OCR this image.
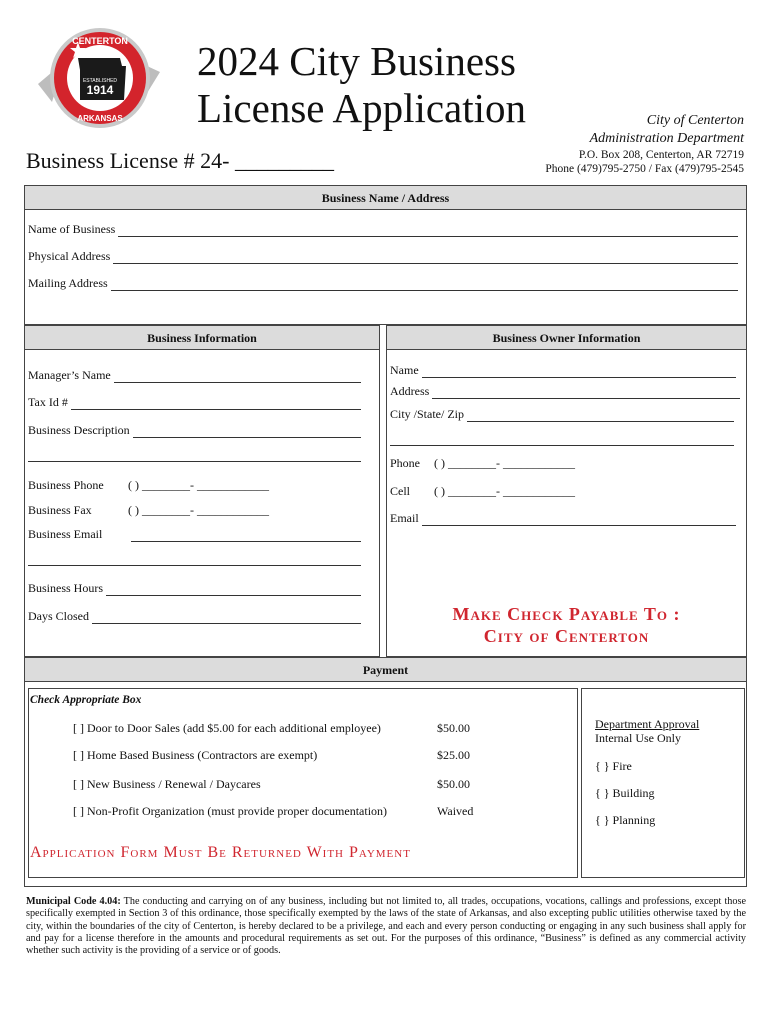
ESTABLISHED
1914
CENTERTON
ARKANSAS
2024 City Business
License Application	City of Centerton
Administration Department
P.O. Box 208, Centerton, AR 72719
Phone (479)795-2750 / Fax (479)795-2545
Business License # 24- _________
Business Name / Address
Name of Business
Physical Address
Mailing Address
Business Information
Manager’s Name
Tax Id #
Business Description
Business Phone	( ) ________- ____________
Business Fax	( ) ________- ____________
Business Email
Business Hours
Days Closed
Business Owner Information
Name
Address
City /State/ Zip
Phone	( ) ________- ____________
Cell	( ) ________- ____________
Email
Make Check Payable To :
City of Centerton
Payment
Check Appropriate Box
[ ] Door to Door Sales (add $5.00 for each additional employee)	$50.00
[ ] Home Based Business (Contractors are exempt)	$25.00
[ ] New Business / Renewal / Daycares	$50.00
[ ] Non-Profit Organization (must provide proper documentation)	Waived
Department Approval
Internal Use Only
{ } Fire
{ } Building
{ } Planning
Application Form Must Be Returned With Payment
Municipal Code 4.04: The conducting and carrying on of any business, including but not limited to, all trades, occupations, vocations, callings and professions, except those specifically exempted in Section 3 of this ordinance, those specifically exempted by the laws of the state of Arkansas, and also excepting public utilities otherwise taxed by the city, within the boundaries of the city of Centerton, is hereby declared to be a privilege, and each and every person conducting or engaging in any such business shall apply for and pay for a license therefore in the amounts and procedural requirements as set out. For the purposes of this ordinance, “Business” is defined as any commercial activity whether such activity is the providing of a service or of goods.
